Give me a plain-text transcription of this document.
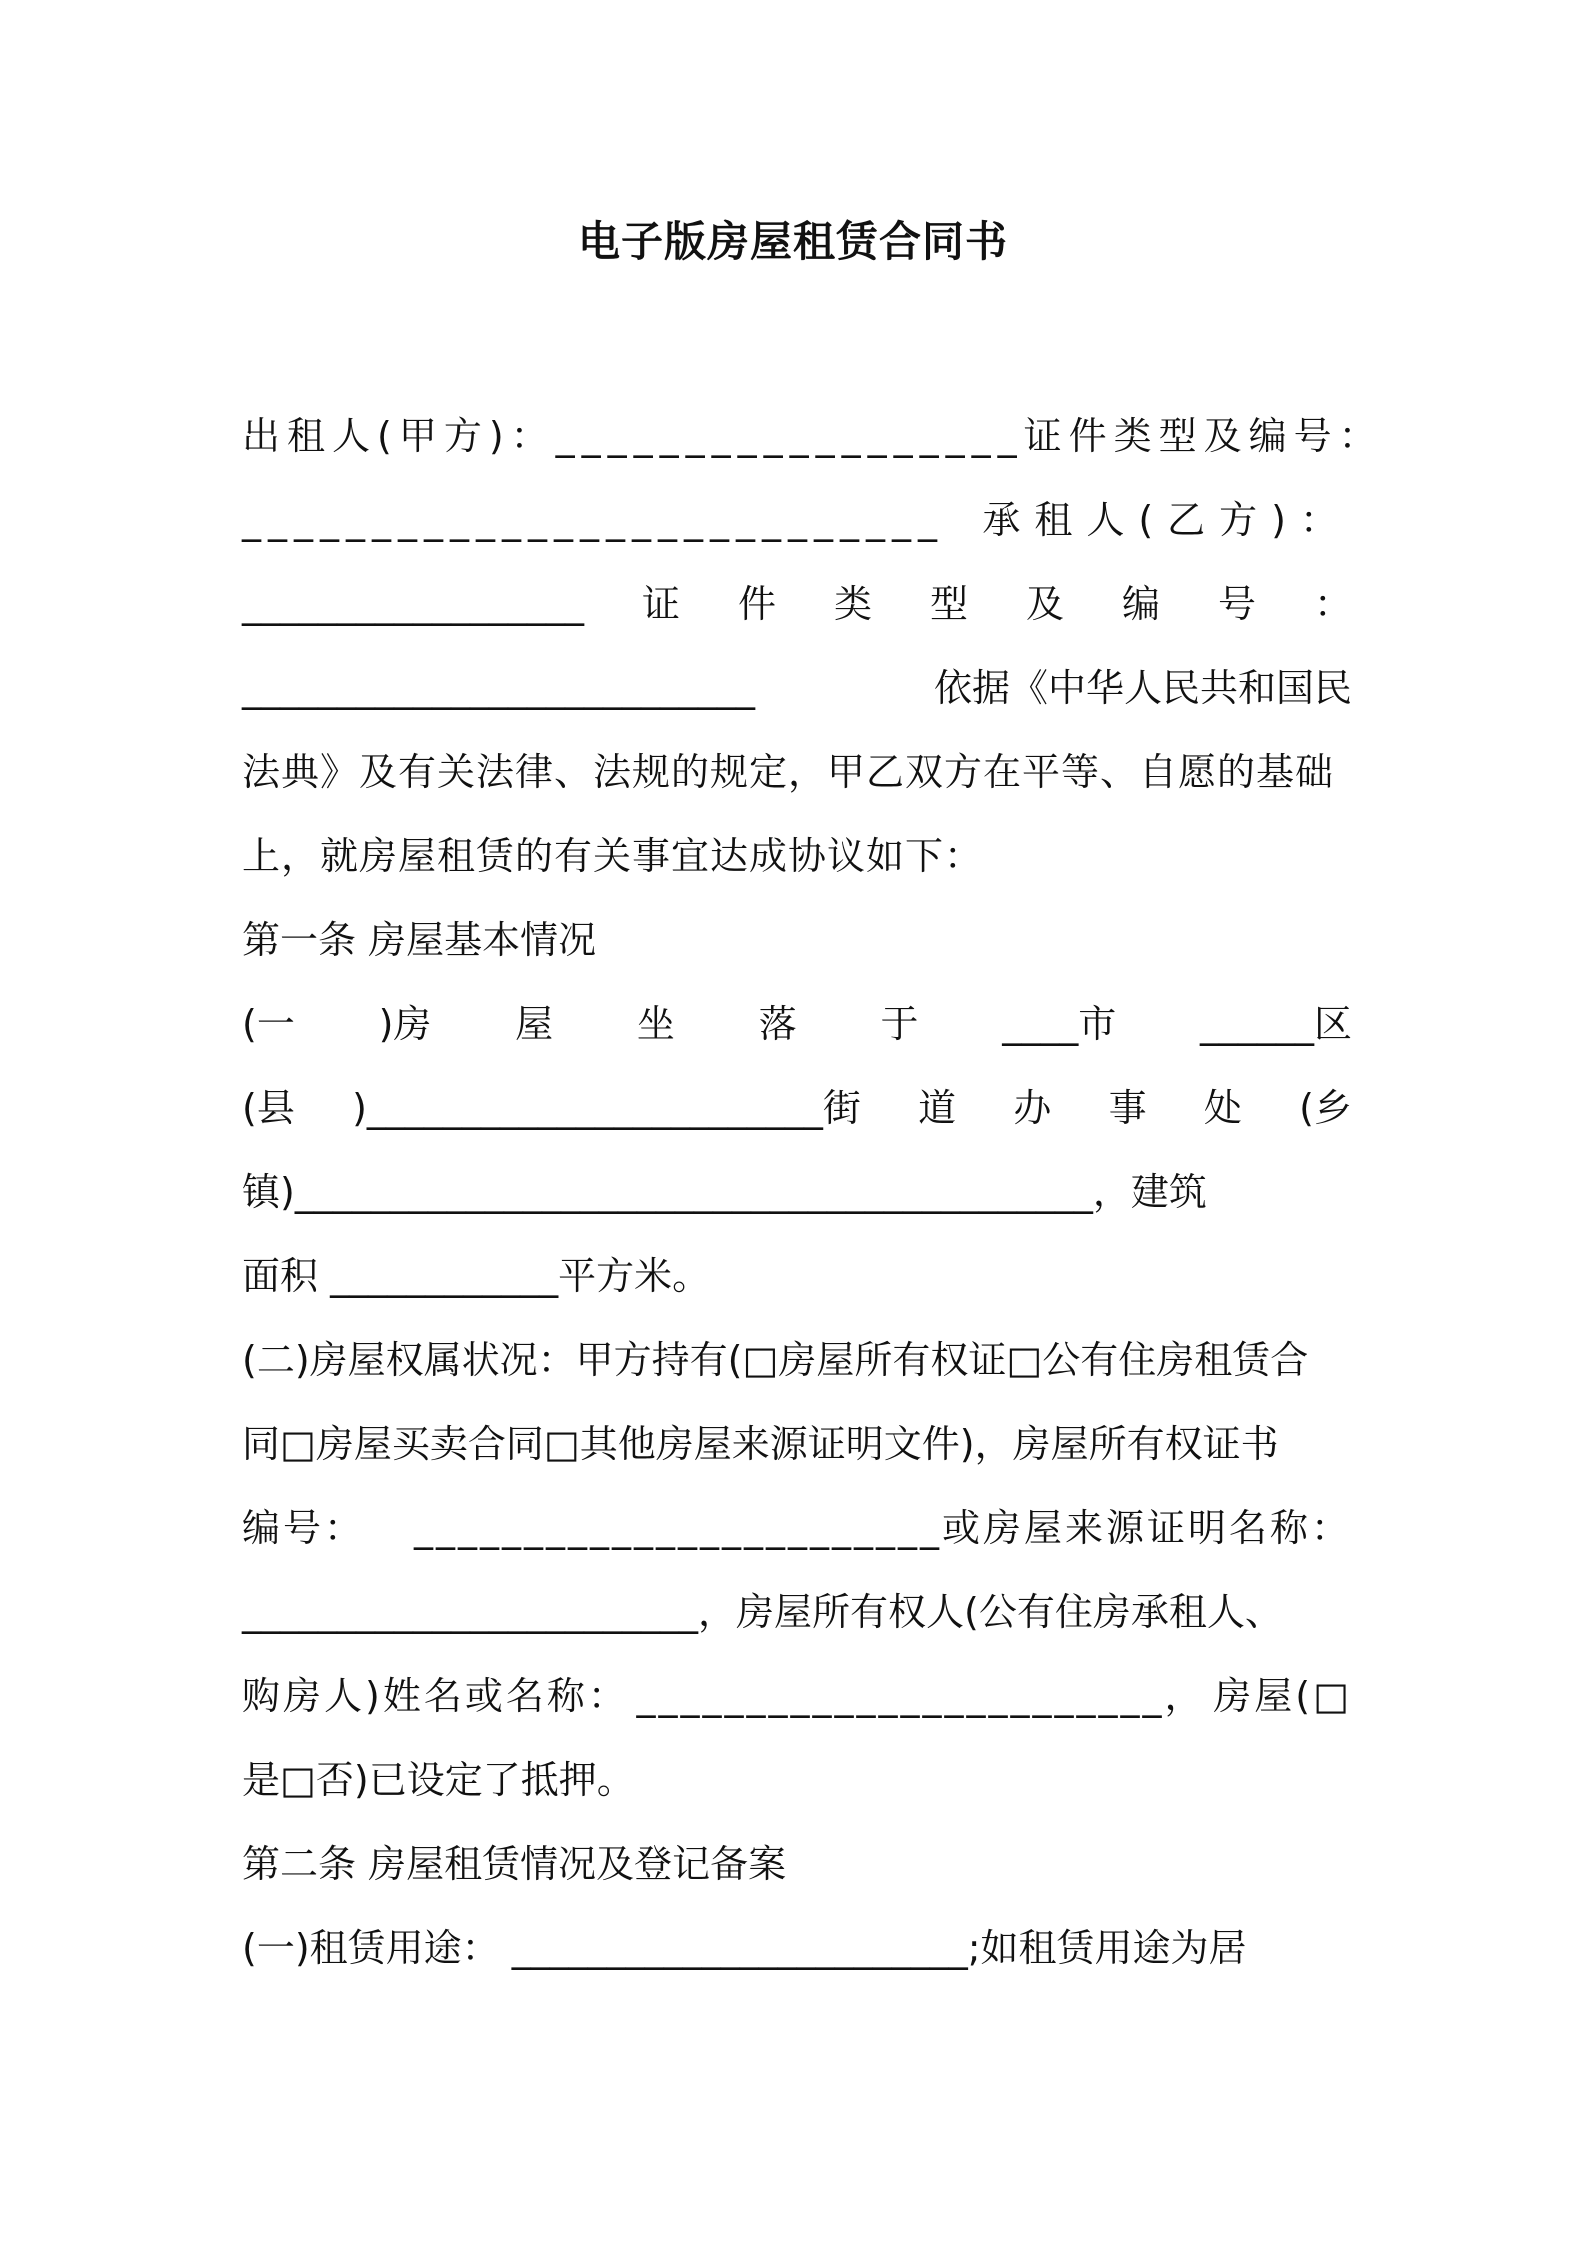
电子版房屋租赁合同书
出租人(甲方)： __________________ 证件类型及编号：
___________________________ 承租人(乙方)：
__________________ 证 件 类 型 及 编 号 ：
___________________________	依据《中华人民共和国民
法典》及有关法律、法规的规定，甲乙双方在平等、自愿的基础
上，就房屋租赁的有关事宜达成协议如下：
第一条 房屋基本情况
(一 )房 屋 坐 落 于 ____市 ______区
(县 )________________________街 道 办 事 处 (乡
镇)__________________________________________，建筑
面积 ____________平方米。
(二)房屋权属状况：甲方持有(□房屋所有权证□公有住房租赁合
同□房屋买卖合同□其他房屋来源证明文件)，房屋所有权证书
编号： ________________________或房屋来源证明名称：
________________________，房屋所有权人(公有住房承租人、
购房人)姓名或名称： ________________________， 房屋(□
是□否)已设定了抵押。
第二条 房屋租赁情况及登记备案
(一)租赁用途： ________________________;如租赁用途为居
